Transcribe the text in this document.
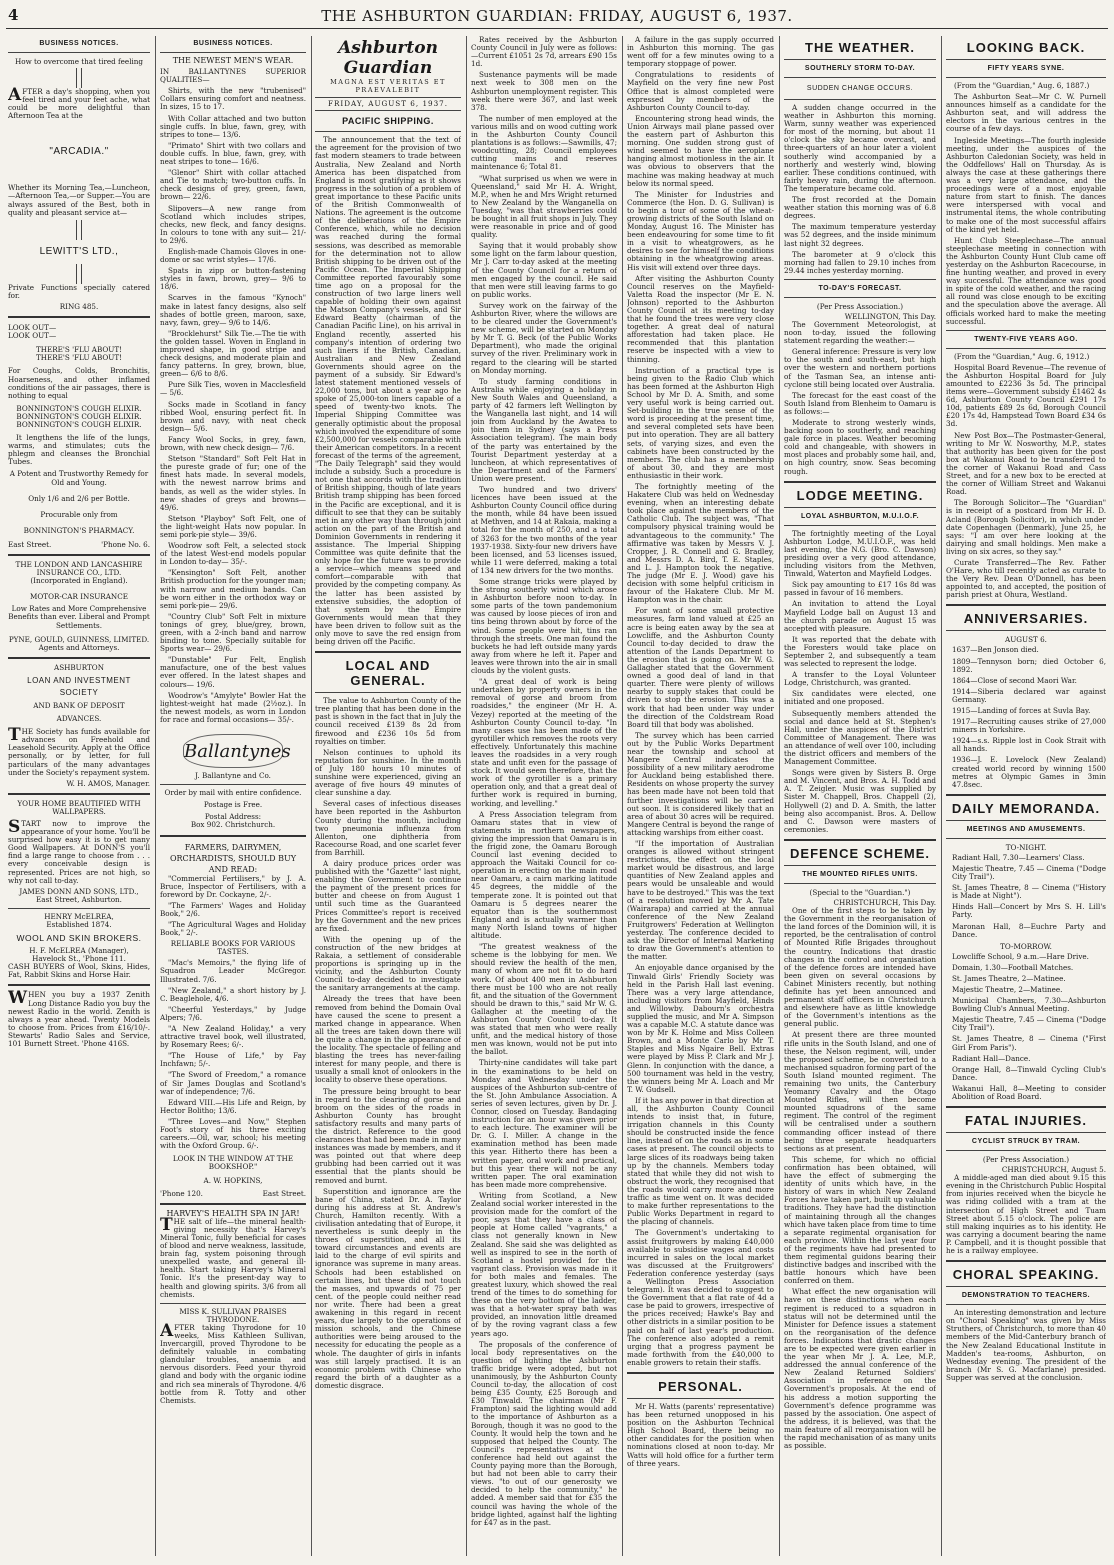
4	THE ASHBURTON GUARDIAN: FRIDAY, AUGUST 6, 1937.
BUSINESS NOTICES.
How to overcome that tired feeling

AFTER a day's shopping, when you feel tired and your feet ache, what could be more delightful than Afternoon Tea at the

"ARCADIA."

Whether its Morning Tea,—Luncheon, —Afternoon Tea,—or Supper.—You are always assured of the Best, both in quality and pleasant service at—

LEWITT'S LTD.,

Private Functions specially catered for.

RING 485.
LOOK OUT—
LOOK OUT—
THERE'S 'FLU ABOUT!
THERE'S 'FLU ABOUT!

For Coughs, Colds, Bronchitis, Hoarseness, and other inflamed conditions of the air passages, there is nothing to equal

BONNINGTON'S COUGH ELIXIR.
BONNINGTON'S COUGH ELIXIR.
BONNINGTON'S COUGH ELIXIR.

It lengthens the life of the lungs, warms, and stimulates; cuts the phlegm and cleanses the Bronchial Tubes.

A Potent and Trustworthy Remedy for Old and Young.
Only 1/6 and 2/6 per Bottle.
Procurable only from
BONNINGTON'S PHARMACY.
East Street.	'Phone No. 6.
THE LONDON AND LANCASHIRE INSURANCE CO., LTD.
(Incorporated in England).
MOTOR-CAR INSURANCE
Low Rates and More Comprehensive Benefits than ever. Liberal and Prompt Settlements.
PYNE, GOULD, GUINNESS, LIMITED.
Agents and Attorneys.
ASHBURTON
LOAN AND INVESTMENT SOCIETY
AND BANK OF DEPOSIT
ADVANCES.

THE Society has funds available for advances on Freehold and Leasehold Security. Apply at the Office personally, or by letter, for full particulars of the many advantages under the Society's repayment system.

W. H. AMOS, Manager.
YOUR HOME BEAUTIFIED WITH WALLPAPERS.

START now to improve the appearance of your home. You'll be surprised how easy it is to get many Good Wallpapers. At DONN'S you'll find a large range to choose from . . . every conceivable design is represented. Prices are not high, so why not call to-day.

JAMES DONN AND SONS, LTD.,
East Street, Ashburton.
HENRY McELREA,
Established 1874.
WOOL AND SKIN BROKERS.
H. F. McELREA (Manager),
Havelock St., 'Phone 111.

CASH BUYERS of Wool, Skins, Hides, Fat, Rabbit Skins and Horse Hair.

WHEN you buy a 1937 Zenith Long Distance Radio you buy the newest Radio in the world. Zenith is always a year ahead. Twenty Models to choose from. Prices from £16/10/-. Stewarts' Radio Sales and Service, 101 Burnett Street. 'Phone 416S.

BUSINESS NOTICES.
THE NEWEST MEN'S WEAR.
IN BALLANTYNES SUPERIOR QUALITIES—

Shirts, with the new "trubenised" Collars ensuring comfort and neatness. In sizes, 15 to 17.

With Collar attached and two button single cuffs. In blue, fawn, grey, with stripes to tone— 13/6.

"Primato" Shirt with two collars and double cuffs. In blue, fawn, grey, with neat stripes to tone— 16/6.

"Glenor" Shirt with collar attached and Tie to match; two-button cuffs. In check designs of grey, green, fawn, brown— 22/6.

Slipovers—A new range from Scotland which includes stripes, checks, new fleck, and fancy designs. In colours to tone with any suit— 21/- to 29/6.

English-made Chamois Gloves in one-dome or sac wrist styles— 17/6.

Spats in zipp or button-fastening styles in fawn, brown, grey— 9/6 to 18/6.

Scarves in the famous "Kynoch" make in latest fancy designs, also self shades of bottle green, maroon, saxe, navy, fawn, grey— 9/6 to 14/6.

"Brocklehurst" Silk Tie.—The tie with the golden tassel. Woven in England in improved shape, in good stripe and check designs, and moderate plain and fancy patterns. In grey, brown, blue, green— 6/6 to 8/6.

Pure Silk Ties, woven in Macclesfield — 5/6.

Socks made in Scotland in fancy ribbed Wool, ensuring perfect fit. In brown and navy, with neat check design— 5/6.

Fancy Wool Socks, in grey, fawn, brown, with new check design— 7/6.

Stetson "Standard" Soft Felt Hat in the pureste grade of fur; one of the finest hats made. In several models, with the newest narrow brims and bands, as well as the wider styles. In new shades of greys and browns— 49/6.

Stetson "Playboy" Soft Felt, one of the light-weight Hats now popular. In semi pork-pie style— 39/6.

Woodrow soft Felt, a selected stock of the latest West-end models popular in London to-day— 35/-.

"Kensington" Soft Felt, another British production for the younger man; with narrow and medium bands. Can be worn either in the orthodox way or semi pork-pie— 29/6.

"Country Club" Soft Felt in mixture tonings of grey, blue/grey, brown, green, with a 2-inch band and narrow binding to tone. Specially suitable for Sports wear— 29/6.

"Dunstable" Fur Felt, English manufacture, one of the best values ever offered. In the latest shapes and colours— 19/6.

Woodrow's "Amylyte" Bowler Hat the lightest-weight hat made (2½oz.). In the newest models, as worn in London for race and formal occasions— 35/-.

Ballantynes
J. Ballantyne and Co.
Order by mail with entire confidence.
Postage is Free.
Postal Address:
Box 902. Christchurch.
FARMERS, DAIRYMEN, ORCHARDISTS, SHOULD BUY AND READ:

"Commercial Fertilisers," by J. A. Bruce, Inspector of Fertilisers, with a foreword by Dr. Cockayne, 2/-.

"The Farmers' Wages and Holiday Book," 2/6.

"The Agricultural Wages and Holiday Book," 2/-.

RELIABLE BOOKS FOR VARIOUS TASTES.

"Mac's Memoirs," the flying life of Squadron Leader McGregor. Illustrated. 7/6.

"New Zealand," a short history by J. C. Beaglehole, 4/6.

"Cheerful Yesterdays," by Judge Alpers; 7/6.

"A New Zealand Holiday," a very attractive travel book, well illustrated, by Rosemary Rees; 6/-.

"The House of Life," by Fay Inchfawn; 5/-.

"The Sword of Freedom," a romance of Sir James Douglas and Scotland's war of independence; 7/6.

Edward VIII.—His Life and Reign, by Hector Bolitho; 13/6.

"Three Loves—and Now," Stephen Foot's story of his three exciting careers.—Oil, war, school; his meeting with the Oxford Group. 6/-.

LOOK IN THE WINDOW AT THE BOOKSHOP."
A. W. HOPKINS,
'Phone 120.	East Street.
HARVEY'S HEALTH SPA IN JAR!

THE salt of life—the mineral health-giving necessity that's Harvey's Mineral Tonic, fully beneficial for cases of blood and nerve weakness, lassitude, brain fag, system poisoning through unexpelled waste, and general ill-health. Start taking Harvey's Mineral Tonic. It's the present-day way to health and glowing spirits. 3/6 from all chemists.

MISS K. SULLIVAN PRAISES THYRODONE.

AFTER taking Thyrodone for 10 weeks, Miss Kathleen Sullivan, Invercargill, proved Thyrodone to be definitely valuable in combating glandular troubles, anaemia and nervous disorders. Feed your thyroid gland and body with the organic iodine and rich sea minerals of Thyrodone. 4/6 bottle from R. Totty and other Chemists.

Ashburton Guardian
MAGNA EST VERITAS ET PRAEVALEBIT
FRIDAY, AUGUST 6, 1937.
PACIFIC SHIPPING.

The announcement that the text of the agreement for the provision of two fast modern steamers to trade between Australia, New Zealand and North America has been dispatched from England is most gratifying as it shows progress in the solution of a problem of great importance to these Pacific units of the British Commonwealth of Nations. The agreement is the outcome of the deliberations of the Empire Conference, which, while no decision was reached during the formal sessions, was described as memorable for the determination not to allow British shipping to be driven out of the Pacific Ocean. The Imperial Shipping Committee reported favourably some time ago on a proposal for the construction of two large liners well capable of holding their own against the Matson Company's vessels, and Sir Edward Beatty (chairman of the Canadian Pacific Line), on his arrival in England recently, asserted his company's intention of ordering two such liners if the British, Canadian, Australian and New Zealand Governments should agree on the payment of a subsidy. Sir Edward's latest statement mentioned vessels of 22,000 tons, but about a year ago he spoke of 25,000-ton liners capable of a speed of twenty-two knots. The Imperial Shipping Committee was generally optimistic about the proposal which involved the expenditure of some £2,500,000 for vessels comparable with their American competitors. In a recent forecast of the terms of the agreement, "The Daily Telegraph" said they would include a subsidy. Such a procedure is not one that accords with the tradition of British shipping, though of late years British tramp shipping has been forced in the Pacific are exceptional, and it is difficult to see that they can be suitably met in any other way than through joint action on the part of the British and Dominion Governments in rendering it assistance. The Imperial Shipping Committee was quite definite that the only hope for the future was to provide a service—which means speed and comfort—comparable with that provided by the competing company. As the latter has been assisted by extensive subsidies, the adoption of that system by the Empire Governments would mean that they have been driven to follow suit as the only move to save the red ensign from being driven off the Pacific.

LOCAL AND GENERAL.

The value to Ashburton County of the tree planting that has been done in the past is shown in the fact that in July the council received £139 8s 2d from firewood and £236 10s 5d from royalties on timber.

Nelson continues to uphold its reputation for sunshine. In the month of July 180 hours 10 minutes of sunshine were experienced, giving an average of five hours 49 minutes of clear sunshine a day.

Several cases of infectious diseases have been reported in the Ashburton County during the month, including two pneumonia influenza from Allenton, one diphtheria from Racecourse Road, and one scarlet fever from Barrhill.

A dairy produce prices order was published with the "Gazette" last night, enabling the Government to continue the payment of the present prices for butter and cheese on from August 1 until such time as the Guaranteed Prices Committee's report is received by the Government and the new prices are fixed.

With the opening up of the construction of the new bridges at Rakaia, a settlement of considerable proportions is springing up in the vicinity, and the Ashburton County Council to-day decided to investigate the sanitary arrangements at the camp.

Already the trees that have been removed from behind the Domain Oval have caused the scene to present a marked change in appearance. When all the trees are taken down there will be quite a change in the appearance of the locality. The spectacle of felling and blasting the trees has never-failing interest for many people, and there is usually a small knot of onlookers in the locality to observe these operations.

The pressure being brought to bear in regard to the clearing of gorse and broom on the sides of the roads in Ashburton County has brought satisfactory results and many parts of the district. Reference to the good clearances that had been made in many instances was made by members, and it was pointed out that where deep grubbing had been carried out it was essential that the plants should be removed and burnt.

Superstition and ignorance are the bane of China, stated Dr. A. Taylor during his address at St. Andrew's Church, Hamilton recently. With a civilisation antedating that of Europe, it nevertheless is sunk deeply in the throes of superstition, and all its toward circumstances and events are laid to the charge of evil spirits and ignorance was supreme in many areas. Schools had been established on certain lines, but these did not touch the masses, and upwards of 75 per cent. of the people could neither read nor write. There had been a great awakening in this regard in recent years, due largely to the operations of mission schools, and the Chinese authorities were being aroused to the necessity for educating the people as a whole. The daughter of girls in infants was still largely practised. It is an economic problem with Chinese who regard the birth of a daughter as a domestic disgrace.

Rates received by the Ashburton County Council in July were as follows:—Current £1051 2s 7d, arrears £90 15s 1d.

Sustenance payments will be made next week to 308 men on the Ashburton unemployment register. This week there were 367, and last week 378.

The number of men employed at the various mills and on wood cutting work in the Ashburton County Council plantations is as follows:—Sawmills, 47; woodcutting, 28; Council employees cutting mains and reserves maintenance 6; Total 81.

"What surprised us when we were in Queensland," said Mr H. A. Wright, M.P., when he and Mrs Wright returned to New Zealand by the Wanganella on Tuesday, "was that strawberries could be bought in all fruit shops in July. They were reasonable in price and of good quality.

Saying that it would probably show some light on the farm labour question, Mr J. Carr to-day asked at the meeting of the County Council for a return of men engaged by the council. He said that men were still leaving farms to go on public works.

Survey work on the fairway of the Ashburton River, where the willows are to be cleared under the Government's new scheme, will be started on Monday by Mr T. G. Beck (of the Public Works Department), who made the original survey of the river. Preliminary work in regard to the clearing will be started on Monday morning.

To study farming conditions in Australia while enjoying a holiday in New South Wales and Queensland, a party of 42 farmers left Wellington by the Wanganella last night, and 14 will join from Auckland by the Awatea to join them in Sydney (says a Press Association telegram). The main body of the party was entertained by the Tourist Department yesterday at a luncheon, at which representatives of the Department and of the Farmers' Union were present.

Two hundred and two drivers' licences have been issued at the Ashburton County Council office during the month, while 84 have been issued at Methven, and 14 at Rakaia, making a total for the month of 250, and a total of 3263 for the two months of the year 1937-1938. Sixty-four new drivers have been licensed, and 53 licenses issued, while 11 were deferred, making a total of 134 new drivers for the two months.

Some strange tricks were played by the strong southerly wind which arose in Ashburton before noon to-day. In some parts of the town pandemonium was caused by loose pieces of iron and tins being thrown about by force of the wind. Some people were hit, tins ran through the streets. One man found the buckets he had left outside many yards away from where he left it. Paper and leaves were thrown into the air in small clouds by the violent gusts.

"A great deal of work is being undertaken by property owners in the removal of gorse and broom from roadsides," the engineer (Mr H. A. Vezey) reported at the meeting of the Ashburton County Council to-day. "In many cases use has been made of the gyrotiller which removes the roots very effectively. Unfortunately this machine leaves the roadsides in a very rough state and unfit even for the passage of stock. It would seem therefore, that the work of the gyrotiller is a primary operation only, and that a great deal of further work is required in burning, working, and levelling."

A Press Association telegram from Oamaru states that in view of statements in northern newspapers, giving the impression that Oamaru is in the frigid zone, the Oamaru Borough Council last evening decided to approach the Waitaki Council for co-operation in erecting on the main road near Oamaru, a cairn marking latitude 45 degrees, the middle of the temperate zone. It is pointed out that Oamaru is 5 degrees nearer the equator than is the southernmost England and is actually warmer than many North Island towns of higher altitude.

"The greatest weakness of the scheme is the lobbying for men. We should review the health of the men, many of whom are not fit to do hard work. Of about 400 men in Ashburton there must be 100 who are not really fit, and the situation of the Government should be drawn to this," said Mr W. G. Gallagher at the meeting of the Ashburton County Council to-day. It was stated that men who were really unfit, and the medical history of those men was known, would not be put into the ballot.

Thirty-nine candidates will take part in the examinations to be held on Monday and Wednesday under the auspices of the Ashburton sub-centre of the St. John Ambulance Association. A series of seven lectures, given by Dr. J. Connor, closed on Tuesday. Bandaging instruction for an hour was given prior to each lecture. The examiner will be Dr. G. I. Miller. A change in the examination method has been made this year. Hitherto there has been a written paper, oral work and practical, but this year there will not be any written paper. The oral examination has been made more comprehensive.

Writing from Scotland, a New Zealand social worker interested in the provision made for the comfort of the poor, says that they have a class of people at Home called "vagrants," a class not generally known in New Zealand. She said she was delighted as well as inspired to see in the north of Scotland a hostel provided for the vagrant class. Provision was made in it for both males and females. The greatest luxury, which showed the real trend of the times to do something for these on the very bottom of the ladder, was that a hot-water spray bath was provided, an innovation little dreamed of by the roving vagrant class a few years ago.

The proposals of the conference of local body representatives on the question of lighting the Ashburton traffic bridge were adopted, but not unanimously, by the Ashburton County Council to-day, the allocation of cost being £35 County, £25 Borough and £30 Tinwald. The chairman (Mr F. Frampton) said the lighting would add to the importance of Ashburton as a Borough, though it was no good to the County. It would help the town and he supposed that helped the County. The Council's representatives at the conference had held out against the County paying more than the Borough, but had not been able to carry their views. "to out of our generosity we decided to help the community," he added. A member said that for £35 the council was having the whole of the bridge lighted, against half the lighting for £47 as in the past.

A failure in the gas supply occurred in Ashburton this morning. The gas went off for a few minutes owing to a temporary stoppage of power.

Congratulations to residents of Mayfield on the very fine new Post Office that is almost completed were expressed by members of the Ashburton County Council to-day.

Encountering strong head winds, the Union Airways mail plane passed over the eastern part of Ashburton this morning. One sudden strong gust of wind seemed to have the aeroplane hanging almost motionless in the air. It was obvious to observers that the machine was making headway at much below its normal speed.

The Minister for Industries and Commerce (the Hon. D. G. Sullivan) is to begin a tour of some of the wheat-growing districts of the South Island on Monday, August 16. The Minister has been endeavouring for some time to fit in a visit to wheatgrowers, as he desires to see for himself the conditions obtaining in the wheatgrowing areas. His visit will extend over three days.

After visiting the Ashburton County Council reserves on the Mayfield-Valetta Road the inspector (Mr E. N. Johnson) reported to the Ashburton County Council at its meeting to-day that he found the trees were very close together. A great deal of natural afforestation had taken place. He recommended that this plantation reserve be inspected with a view to thinning.

Instruction of a practical type is being given to the Radio Club which has been formed at the Ashburton High School by Mr D. A. Smith, and some very useful work is being carried out. Set-building in the true sense of the word is proceeding at the present time, and several completed sets have been put into operation. They are all battery sets, of varying sizes, and even the cabinets have been constructed by the members. The club has a membership of about 30, and they are most enthusiastic in their work.

The fortnightly meeting of the Hakatere Club was held on Wednesday evening, when an interesting debate took place against the members of the Catholic Club. The subject was, "That compulsory physical training would be advantageous to the community." The affirmative was taken by Messrs V. J. Cropper, J. R. Connell and G. Bradley, and Messrs D. A. Bird, T. E. Staples, and L. J. Hampton took the negative. The judge (Mr E. J. Wood) gave his decision with some helpful criticism in favour of the Hakatere Club. Mr M. Hampton was in the chair.

For want of some small protective measures, farm land valued at £25 an acre is being eaten away by the sea at Lowcliffe, and the Ashburton County Council to-day decided to draw the attention of the Lands Department to the erosion that is going on. Mr W. G. Gallagher stated that the Government owned a good deal of land in that quarter. There were plenty of willows nearby to supply stakes that could be driven to stop the erosion. This was a work that had been under way under the direction of the Coldstream Road Board till that body was abolished.

The survey which has been carried out by the Public Works Department near the township and school at Mangere Central indicates the possibility of a new military aerodrome for Auckland being established there. Residents on whose property the survey has been made have not been told that further investigations will be carried out soon. It is considered likely that an area of about 30 acres will be required. Mangere Central is beyond the range of attacking warships from either coast.

"If the importation of Australian oranges is allowed without stringent restrictions, the effect on the local market would be disastrous, and large quantities of New Zealand apples and pears would be unsaleable and would have to be destroyed." This was the text of a resolution moved by Mr A. Tate (Wairarapa) and carried at the annual conference of the New Zealand Fruitgrowers' Federation at Wellington yesterday. The conference decided to ask the Director of Internal Marketing to draw the Government's attention to the matter.

An enjoyable dance organised by the Tinwald Girls' Friendly Society was held in the Parish Hall last evening. There was a very large attendance, including visitors from Mayfield, Hinds and Willowby. Dabourn's orchestra supplied the music, and Mr A. Simpson was a capable M.C. A statute dance was won by Mr K. Holme and Miss Colleen Brown, and a Monte Carlo by Mr T. Staples and Miss Ngaire Bell. Extras were played by Miss P. Clark and Mr J. Glenn. In conjunction with the dance, a 500 tournament was held in the vestry, the winners being Mr A. Loach and Mr T. W. Gudsell.

If it has any power in that direction at all, the Ashburton County Council intends to insist that, in future, irrigation channels in this County should be constructed inside the fence line, instead of on the roads as in some cases at present. The council objects to large slices of its roadways being taken up by the channels. Members today stated that while they did not wish to obstruct the work, they recognised that the roads would carry more and more traffic as time went on. It was decided to make further representations to the Public Works Department in regard to the placing of channels.

The Government's undertaking to assist fruitgrowers by making £40,000 available to subsidise wages and costs incurred in sales on the local market was discussed at the Fruitgrowers' Federation conference yesterday (says a Wellington Press Association telegram). It was decided to suggest to the Government that a flat rate of 4d a case be paid to growers, irrespective of the prices received; Hawke's Bay and other districts in a similar position to be paid on half of last year's production. The conference also adopted a remit urging that a progress payment be made forthwith from the £40,000 to enable growers to retain their staffs.

PERSONAL.

Mr H. Watts (parents' representative) has been returned unopposed in his position on the Ashburton Technical High School Board, there being no other candidates for the position when nominations closed at noon to-day. Mr Watts will hold office for a further term of three years.

THE WEATHER.
SOUTHERLY STORM TO-DAY.
SUDDEN CHANGE OCCURS.

A sudden change occurred in the weather in Ashburton this morning. Warm, sunny weather was experienced for most of the morning, but about 11 o'clock the sky became overcast, and three-quarters of an hour later a violent southerly wind accompanied by a northerly and westerly wind, blowing earlier. These conditions continued, with fairly heavy rain, during the afternoon. The temperature became cold.

The frost recorded at the Domain weather station this morning was of 6.8 degrees.

The maximum temperature yesterday was 52 degrees, and the inside minimum last night 32 degrees.

The barometer at 9 o'clock this morning had fallen to 29.10 inches from 29.44 inches yesterday morning.

TO-DAY'S FORECAST.
(Per Press Association.)
WELLINGTON, This Day.

The Government Meteorologist, at noon to-day, issued the following statement regarding the weather:—

General inference: Pressure is very low to the south and south-east, but high over the western and northern portions of the Tasman Sea, an intense anti-cyclone still being located over Australia.

The forecast for the east coast of the South Island from Blenheim to Oamaru is as follows:—

Moderate to strong westerly winds, backing soon to southerly, and reaching gale force in places. Weather becoming cold and changeable, with showers in most places and probably some hail, and, on high country, snow. Seas becoming rough.

LODGE MEETING.
LOYAL ASHBURTON, M.U.I.O.F.

The fortnightly meeting of the Loyal Ashburton Lodge, M.U.I.O.F., was held last evening, the N.G. (Bro. C. Dawson) presiding over a very good attendance, including visitors from the Methven, Tinwald, Waterton and Mayfield Lodges.

Sick pay amounting to £17 16s 8d was passed in favour of 16 members.

An invitation to attend the Loyal Mayfield Lodge ball on August 13 and the church parade on August 15 was accepted with pleasure.

It was reported that the debate with the Foresters would take place on September 2, and subsequently a team was selected to represent the lodge.

A transfer to the Loyal Volunteer Lodge, Christchurch, was granted.

Six candidates were elected, one initiated and one proposed.

Subsequently members attended the social and dance held at St. Stephen's Hall, under the auspices of the District Committee of Management. There was an attendance of well over 100, including the district officers and members of the Management Committee.

Songs were given by Sisters B. Orge and M. Vincent, and Bros. A. H. Todd and A. T. Zeigler. Music was supplied by Sister M. Chappell, Bros. Chappell (2), Hollywell (2) and D. A. Smith, the latter being also accompanist. Bros. A. Dellow and C. Dawson were masters of ceremonies.

DEFENCE SCHEME.
THE MOUNTED RIFLES UNITS.
(Special to the "Guardian.")
CHRISTCHURCH, This Day.

One of the first steps to be taken by the Government in the reorganisation of the land forces of the Dominion will, it is reported, be the centralisation of control of Mounted Rifle Brigades throughout the country. Indications that drastic changes in the control and organisation of the defence forces are intended have been given on several occasions by Cabinet Ministers recently, but nothing definite has yet been announced and permanent staff officers in Christchurch and elsewhere have as little knowledge of the Government's intentions as the general public.

At present there are three mounted rifle units in the South Island, and one of these, the Nelson regiment, will, under the proposed scheme, be converted to a mechanised squadron forming part of the South Island mounted regiment. The remaining two units, the Canterbury Yeomanry Cavalry and the Otago Mounted Rifles, will then become mounted squadrons of the same regiment. The control of the regiment will be centralised under a southern commanding officer instead of there being three separate headquarters sections as at present.

This scheme, for which no official confirmation has been obtained, will have the effect of submerging the identity of units which have, in the history of wars in which New Zealand Forces have taken part, built up valuable traditions. They have had the distinction of maintaining through all the changes which have taken place from time to time a separate regimental organisation for each province. Within the last year four of the regiments have had presented to them regimental guidons bearing their distinctive badges and inscribed with the battle honours which have been conferred on them.

What effect the new organisation will have on these distinctions when each regiment is reduced to a squadron in status will not be determined until the Minister for Defence issues a statement on the reorganisation of the defence forces. Indications that drastic changes are to be expected were given earlier in the year when Mr J. A. Lee, M.P., addressed the annual conference of the New Zealand Returned Soldiers' Association in reference on the Government's proposals. At the end of his address a motion supporting the Government's defence programme was passed by the association. One aspect of the address, it is believed, was that the main feature of all reorganisation will be the rapid mechanisation of as many units as possible.

LOOKING BACK.
FIFTY YEARS SYNE.

(From the "Guardian," Aug. 6, 1887.)

The Ashburton Seat—Mr C. W. Purnell announces himself as a candidate for the Ashburton seat, and will address the electors in the various centres in the course of a few days.

Ingleside Meetings—The fourth ingleside meeting, under the auspices of the Ashburton Caledonian Society, was held in the Oddfellows' Hall on Thursday. As is always the case at these gatherings there was a very large attendance, and the proceedings were of a most enjoyable nature from start to finish. The dances were interspersed with vocal and instrumental items, the whole contributing to make one of the most successful affairs of the kind yet held.

Hunt Club Steeplechase—The annual steeplechase meeting in connection with the Ashburton County Hunt Club came off yesterday on the Ashburton Racecourse, in fine hunting weather, and proved in every way successful. The attendance was good in spite of the cold weather, and the racing all round was close enough to be exciting and the speculation above the average. All officials worked hard to make the meeting successful.

TWENTY-FIVE YEARS AGO.

(From the "Guardian," Aug. 6, 1912.)

Hospital Board Revenue—The revenue of the Ashburton Hospital Board for July amounted to £2236 3s 5d. The principal items were—Government subsidy £1462 4s 6d, Ashburton County Council £291 17s 10d, patients £89 2s 6d, Borough Council £20 17s 4d, Hampstead Town Board £34 6s 3d.

New Post Box—The Postmaster-General, writing to Mr W. Nosworthy, M.P., states that authority has been given for the post box at Wakanui Road to be transferred to the corner of Wakanui Road and Cass Street, and for a new box to be erected at the corner of William Street and Wakanui Road.

The Borough Solicitor—The "Guardian" is in receipt of a postcard from Mr H. D. Acland (Borough Solicitor), in which under date Copenhagen (Denmark), June 25, he says: "I am over here looking at the dairying and small holdings. Men make a living on six acres, so they say."

Curate Transferred—The Rev. Father O'Hare, who till recently acted as curate to the Very Rev. Dean O'Donnell, has been appointed to, and accepted, the position of parish priest at Ohura, Westland.

ANNIVERSARIES.
AUGUST 6.

1637—Ben Jonson died.

1809—Tennyson born; died October 6, 1892.

1864—Close of second Maori War.

1914—Siberia declared war against Germany.

1915—Landing of forces at Suvla Bay.

1917—Recruiting causes strike of 27,000 miners in Yorkshire.

1924—s.s. Ripple lost in Cook Strait with all hands.

1936—J. E. Lovelock (New Zealand) created world record by winning 1500 metres at Olympic Games in 3min 47.8sec.

DAILY MEMORANDA.
MEETINGS AND AMUSEMENTS.
TO-NIGHT.

Radiant Hall, 7.30—Learners' Class.

Majestic Theatre, 7.45 — Cinema ("Dodge City Trail").

St. James Theatre, 8 — Cinema ("History is Made at Night").

Hinds Hall—Concert by Mrs S. H. Lill's Party.

Maronan Hall, 8—Euchre Party and Dance.

TO-MORROW.

Lowcliffe School, 9 a.m.—Hare Drive.

Domain, 1.30—Football Matches.

St. James Theatre, 2—Matinee.

Majestic Theatre, 2—Matinee.

Municipal Chambers, 7.30—Ashburton Bowling Club's Annual Meeting.

Majestic Theatre, 7.45 — Cinema ("Dodge City Trail").

St. James Theatre, 8 — Cinema ("First Girl From Paris").

Radiant Hall—Dance.

Orange Hall, 8—Tinwald Cycling Club's Dance.

Wakanui Hall, 8—Meeting to consider Abolition of Road Board.

FATAL INJURIES.
CYCLIST STRUCK BY TRAM.
(Per Press Association.)
CHRISTCHURCH, August 5.

A middle-aged man died about 9.15 this evening in the Christchurch Public Hospital from injuries received when the bicycle he was riding collided with a tram at the intersection of High Street and Tuam Street about 5.15 o'clock. The police are still making inquiries as to his identity. He was carrying a document bearing the name P. Campbell, and it is thought possible that he is a railway employee.

CHORAL SPEAKING.
DEMONSTRATION TO TEACHERS.

An interesting demonstration and lecture on "Choral Speaking" was given by Miss Struthers, of Christchurch, to more than 40 members of the Mid-Canterbury branch of the New Zealand Educational Institute in Madden's tea-rooms, Ashburton, on Wednesday evening. The president of the branch (Mr S. G. Macfarlane) presided. Supper was served at the conclusion.
